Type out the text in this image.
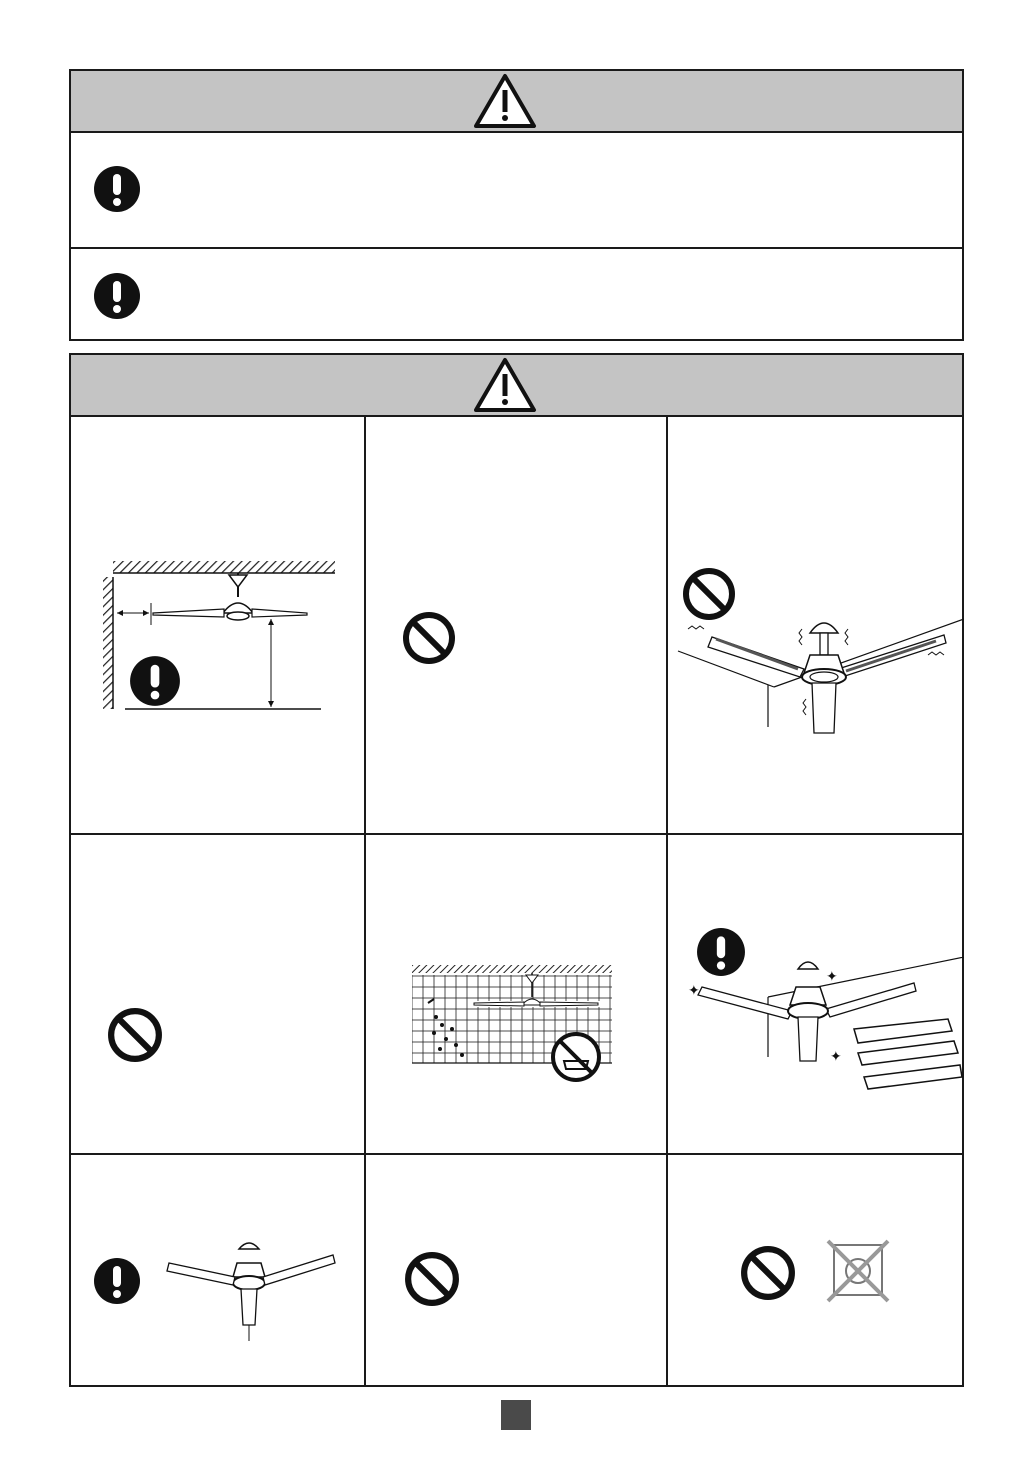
✦
✦
✦
